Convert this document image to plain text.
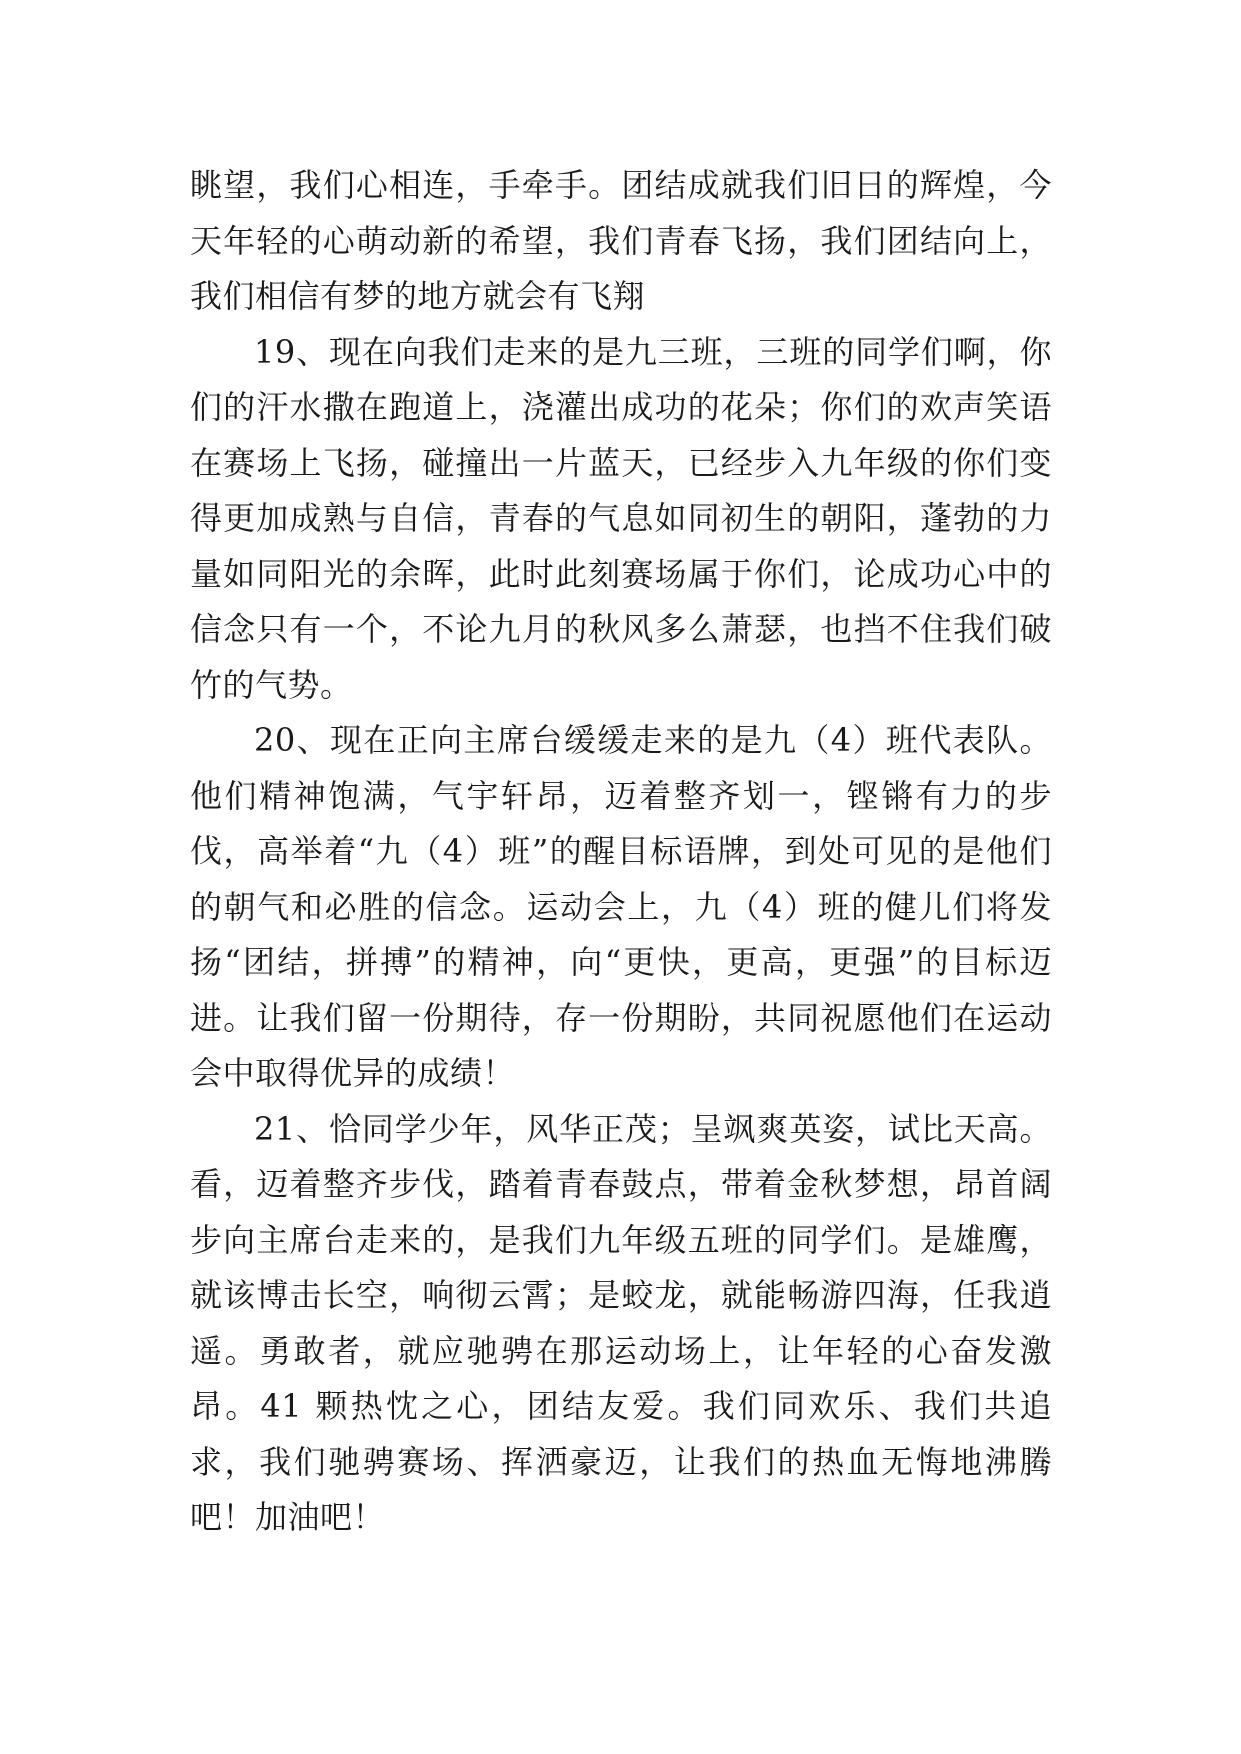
眺望，我们心相连，手牵手。团结成就我们旧日的辉煌，今天年轻的心萌动新的希望，我们青春飞扬，我们团结向上，我们相信有梦的地方就会有飞翔

19、现在向我们走来的是九三班，三班的同学们啊，你们的汗水撒在跑道上，浇灌出成功的花朵；你们的欢声笑语在赛场上飞扬，碰撞出一片蓝天，已经步入九年级的你们变得更加成熟与自信，青春的气息如同初生的朝阳，蓬勃的力量如同阳光的余晖，此时此刻赛场属于你们，论成功心中的信念只有一个，不论九月的秋风多么萧瑟，也挡不住我们破竹的气势。

20、现在正向主席台缓缓走来的是九（4）班代表队。他们精神饱满，气宇轩昂，迈着整齐划一，铿锵有力的步伐，高举着“九（4）班”的醒目标语牌，到处可见的是他们的朝气和必胜的信念。运动会上，九（4）班的健儿们将发扬“团结，拼搏”的精神，向“更快，更高，更强”的目标迈进。让我们留一份期待，存一份期盼，共同祝愿他们在运动会中取得优异的成绩！

21、恰同学少年，风华正茂；呈飒爽英姿，试比天高。看，迈着整齐步伐，踏着青春鼓点，带着金秋梦想，昂首阔步向主席台走来的，是我们九年级五班的同学们。是雄鹰，就该博击长空，响彻云霄；是蛟龙，就能畅游四海，任我逍遥。勇敢者，就应驰骋在那运动场上，让年轻的心奋发激昂。41 颗热忱之心，团结友爱。我们同欢乐、我们共追求，我们驰骋赛场、挥洒豪迈，让我们的热血无悔地沸腾吧！加油吧！
